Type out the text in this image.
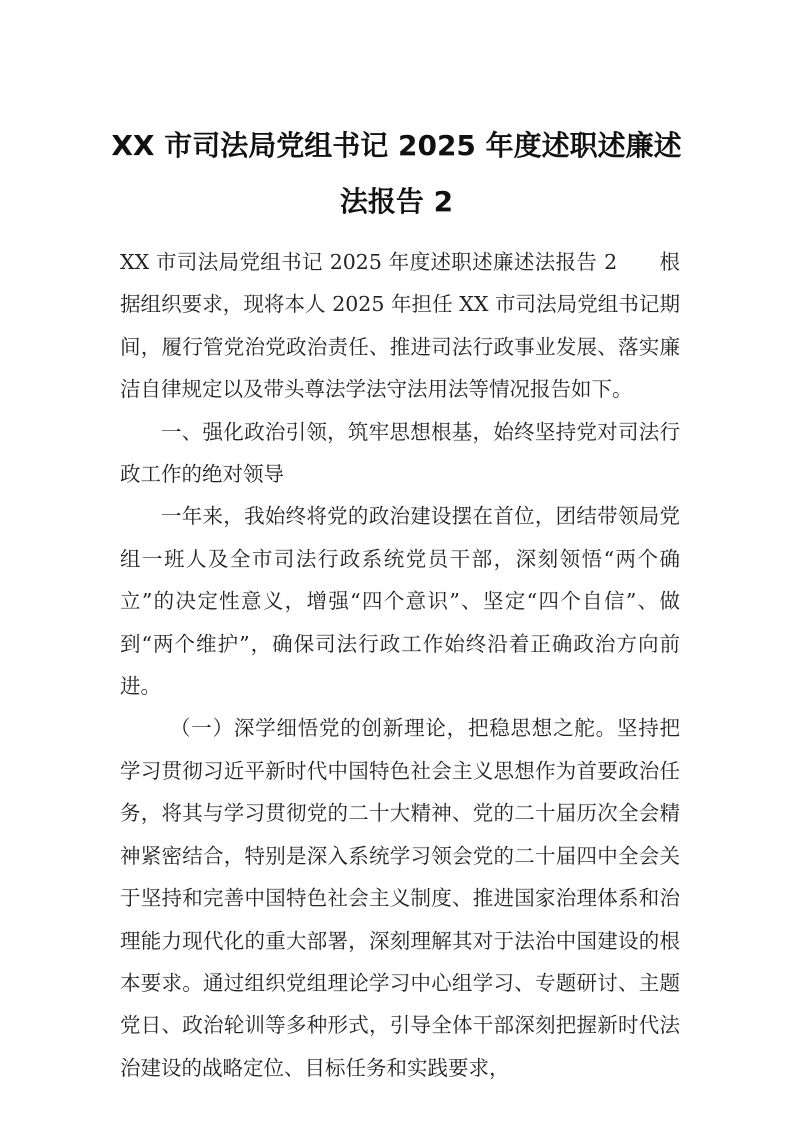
XX 市司法局党组书记 2025 年度述职述廉述法报告 2

XX 市司法局党组书记 2025 年度述职述廉述法报告 2 根据组织要求，现将本人 2025 年担任 XX 市司法局党组书记期间，履行管党治党政治责任、推进司法行政事业发展、落实廉洁自律规定以及带头尊法学法守法用法等情况报告如下。

一、强化政治引领，筑牢思想根基，始终坚持党对司法行政工作的绝对领导

一年来，我始终将党的政治建设摆在首位，团结带领局党组一班人及全市司法行政系统党员干部，深刻领悟“两个确立”的决定性意义，增强“四个意识”、坚定“四个自信”、做到“两个维护”，确保司法行政工作始终沿着正确政治方向前进。

（一）深学细悟党的创新理论，把稳思想之舵。坚持把学习贯彻习近平新时代中国特色社会主义思想作为首要政治任务，将其与学习贯彻党的二十大精神、党的二十届历次全会精神紧密结合，特别是深入系统学习领会党的二十届四中全会关于坚持和完善中国特色社会主义制度、推进国家治理体系和治理能力现代化的重大部署，深刻理解其对于法治中国建设的根本要求。通过组织党组理论学习中心组学习、专题研讨、主题党日、政治轮训等多种形式，引导全体干部深刻把握新时代法治建设的战略定位、目标任务和实践要求，
